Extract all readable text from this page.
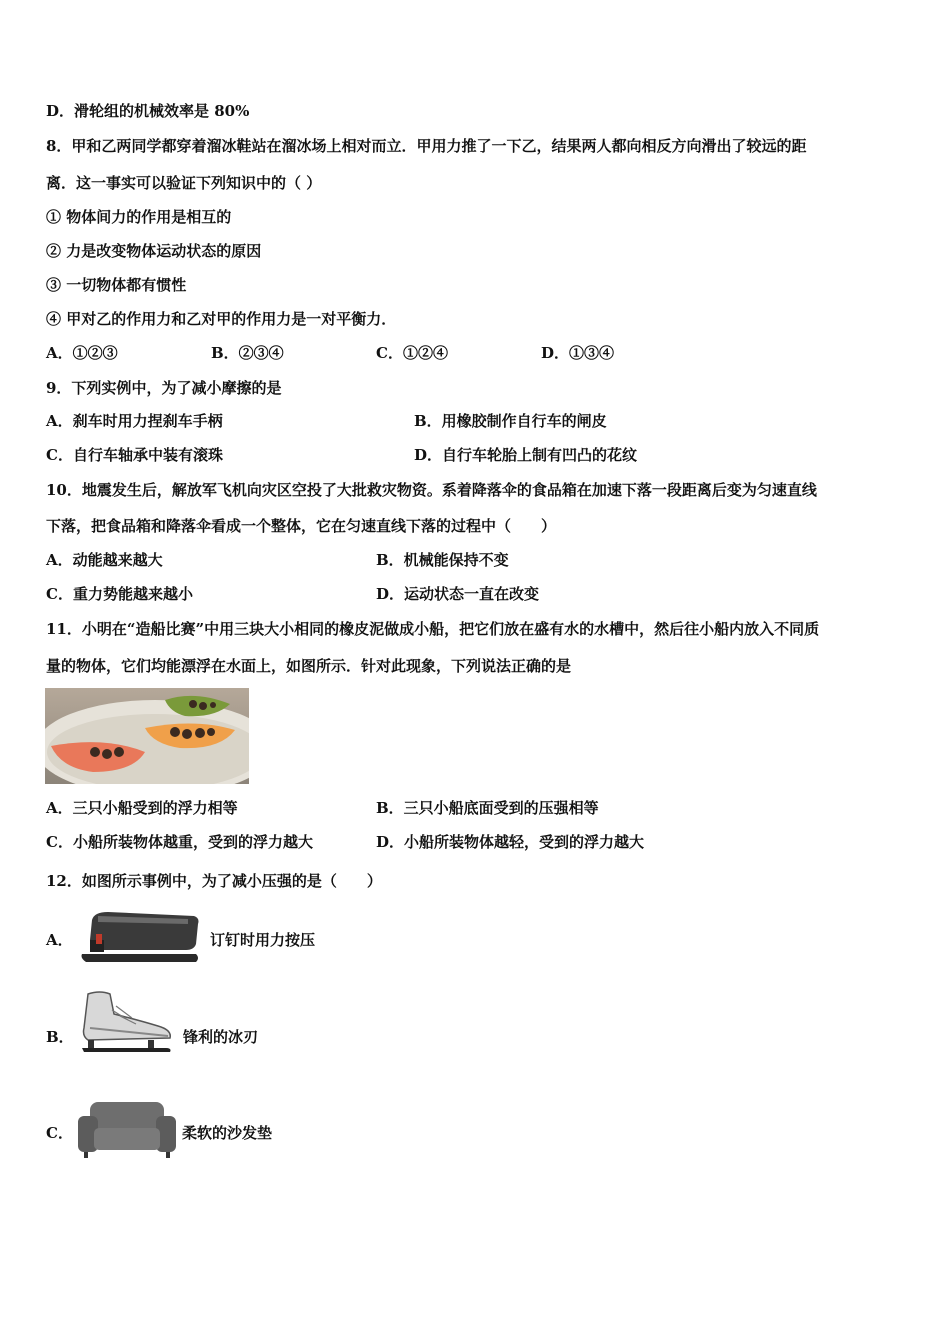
D．滑轮组的机械效率是 80%
8．甲和乙两同学都穿着溜冰鞋站在溜冰场上相对而立．甲用力推了一下乙，结果两人都向相反方向滑出了较远的距
离．这一事实可以验证下列知识中的（ ）
① 物体间力的作用是相互的
② 力是改变物体运动状态的原因
③ 一切物体都有惯性
④ 甲对乙的作用力和乙对甲的作用力是一对平衡力．
A．①②③	B．②③④	C．①②④	D．①③④
9．下列实例中，为了减小摩擦的是
A．刹车时用力捏刹车手柄	B．用橡胶制作自行车的闸皮
C．自行车轴承中装有滚珠	D．自行车轮胎上制有凹凸的花纹
10．地震发生后，解放军飞机向灾区空投了大批救灾物资。系着降落伞的食品箱在加速下落一段距离后变为匀速直线
下落，把食品箱和降落伞看成一个整体，它在匀速直线下落的过程中（　　）
A．动能越来越大	B．机械能保持不变
C．重力势能越来越小	D．运动状态一直在改变
11．小明在“造船比赛”中用三块大小相同的橡皮泥做成小船，把它们放在盛有水的水槽中，然后往小船内放入不同质
量的物体，它们均能漂浮在水面上，如图所示．针对此现象，下列说法正确的是
A．三只小船受到的浮力相等	B．三只小船底面受到的压强相等
C．小船所装物体越重，受到的浮力越大	D．小船所装物体越轻，受到的浮力越大
12．如图所示事例中，为了减小压强的是（　　）
A．	订钉时用力按压
B．	锋利的冰刃
C．	柔软的沙发垫
